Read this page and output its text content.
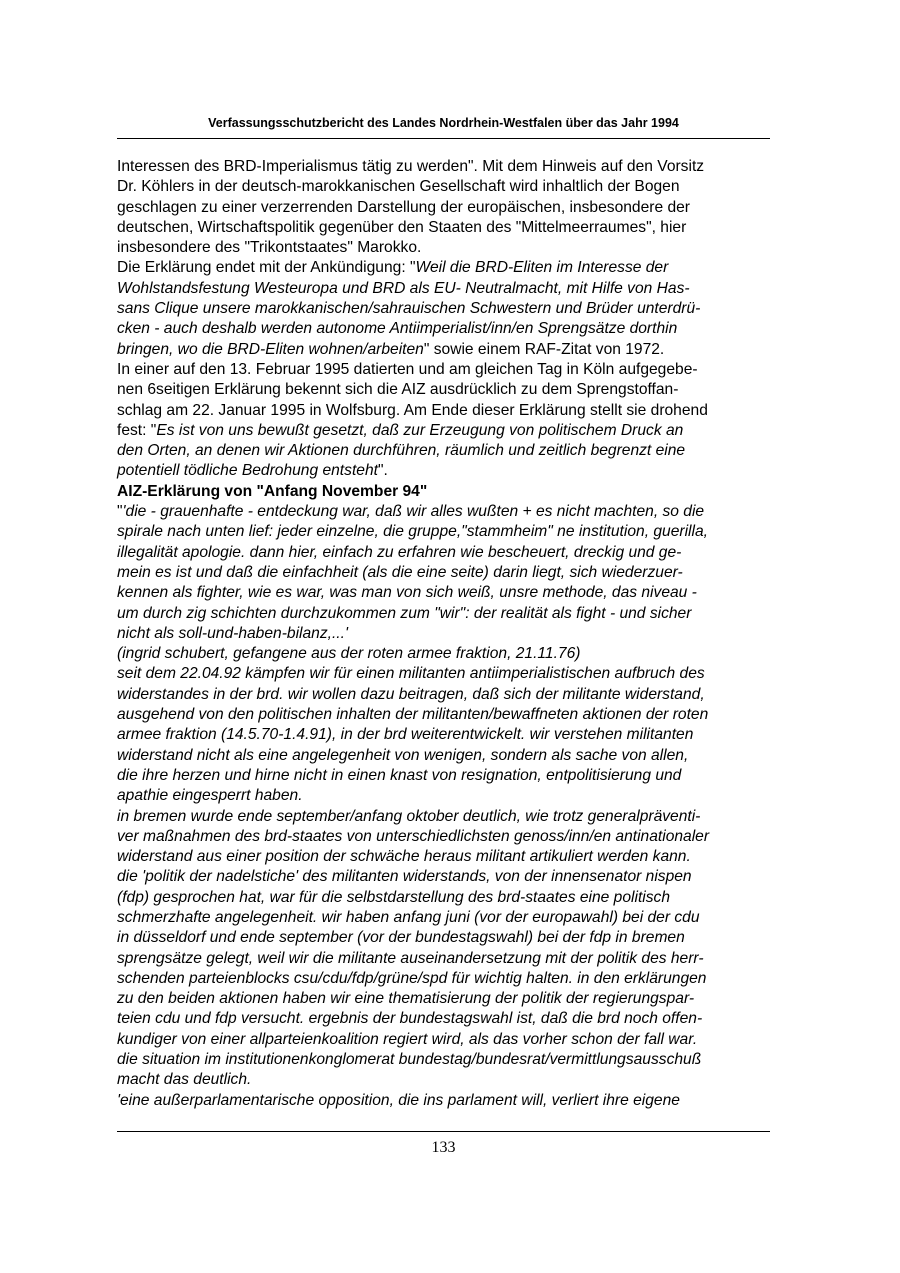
Verfassungsschutzbericht des Landes Nordrhein-Westfalen über das Jahr 1994
Interessen des BRD-Imperialismus tätig zu werden". Mit dem Hinweis auf den Vorsitz
Dr. Köhlers in der deutsch-marokkanischen Gesellschaft wird inhaltlich der Bogen
geschlagen zu einer verzerrenden Darstellung der europäischen, insbesondere der
deutschen, Wirtschaftspolitik gegenüber den Staaten des "Mittelmeerraumes", hier
insbesondere des "Trikontstaates" Marokko.
Die Erklärung endet mit der Ankündigung: "Weil die BRD-Eliten im Interesse der
Wohlstandsfestung Westeuropa und BRD als EU- Neutralmacht, mit Hilfe von Has-
sans Clique unsere marokkanischen/sahrauischen Schwestern und Brüder unterdrü-
cken - auch deshalb werden autonome Antiimperialist/inn/en Sprengsätze dorthin
bringen, wo die BRD-Eliten wohnen/arbeiten" sowie einem RAF-Zitat von 1972.
In einer auf den 13. Februar 1995 datierten und am gleichen Tag in Köln aufgegebe-
nen 6seitigen Erklärung bekennt sich die AIZ ausdrücklich zu dem Sprengstoffan-
schlag am 22. Januar 1995 in Wolfsburg. Am Ende dieser Erklärung stellt sie drohend
fest: "Es ist von uns bewußt gesetzt, daß zur Erzeugung von politischem Druck an
den Orten, an denen wir Aktionen durchführen, räumlich und zeitlich begrenzt eine
potentiell tödliche Bedrohung entsteht".
AIZ-Erklärung von "Anfang November 94"
"'die - grauenhafte - entdeckung war, daß wir alles wußten + es nicht machten, so die
spirale nach unten lief: jeder einzelne, die gruppe,"stammheim" ne institution, guerilla,
illegalität apologie. dann hier, einfach zu erfahren wie bescheuert, dreckig und ge-
mein es ist und daß die einfachheit (als die eine seite) darin liegt, sich wiederzuer-
kennen als fighter, wie es war, was man von sich weiß, unsre methode, das niveau -
um durch zig schichten durchzukommen zum "wir": der realität als fight - und sicher
nicht als soll-und-haben-bilanz,...'
(ingrid schubert, gefangene aus der roten armee fraktion, 21.11.76)
seit dem 22.04.92 kämpfen wir für einen militanten antiimperialistischen aufbruch des
widerstandes in der brd. wir wollen dazu beitragen, daß sich der militante widerstand,
ausgehend von den politischen inhalten der militanten/bewaffneten aktionen der roten
armee fraktion (14.5.70-1.4.91), in der brd weiterentwickelt. wir verstehen militanten
widerstand nicht als eine angelegenheit von wenigen, sondern als sache von allen,
die ihre herzen und hirne nicht in einen knast von resignation, entpolitisierung und
apathie eingesperrt haben.
in bremen wurde ende september/anfang oktober deutlich, wie trotz generalpräventi-
ver maßnahmen des brd-staates von unterschiedlichsten genoss/inn/en antinationaler
widerstand aus einer position der schwäche heraus militant artikuliert werden kann.
die 'politik der nadelstiche' des militanten widerstands, von der innensenator nispen
(fdp) gesprochen hat, war für die selbstdarstellung des brd-staates eine politisch
schmerzhafte angelegenheit. wir haben anfang juni (vor der europawahl) bei der cdu
in düsseldorf und ende september (vor der bundestagswahl) bei der fdp in bremen
sprengsätze gelegt, weil wir die militante auseinandersetzung mit der politik des herr-
schenden parteienblocks csu/cdu/fdp/grüne/spd für wichtig halten. in den erklärungen
zu den beiden aktionen haben wir eine thematisierung der politik der regierungspar-
teien cdu und fdp versucht. ergebnis der bundestagswahl ist, daß die brd noch offen-
kundiger von einer allparteienkoalition regiert wird, als das vorher schon der fall war.
die situation im institutionenkonglomerat bundestag/bundesrat/vermittlungsausschuß
macht das deutlich.
'eine außerparlamentarische opposition, die ins parlament will, verliert ihre eigene
133
